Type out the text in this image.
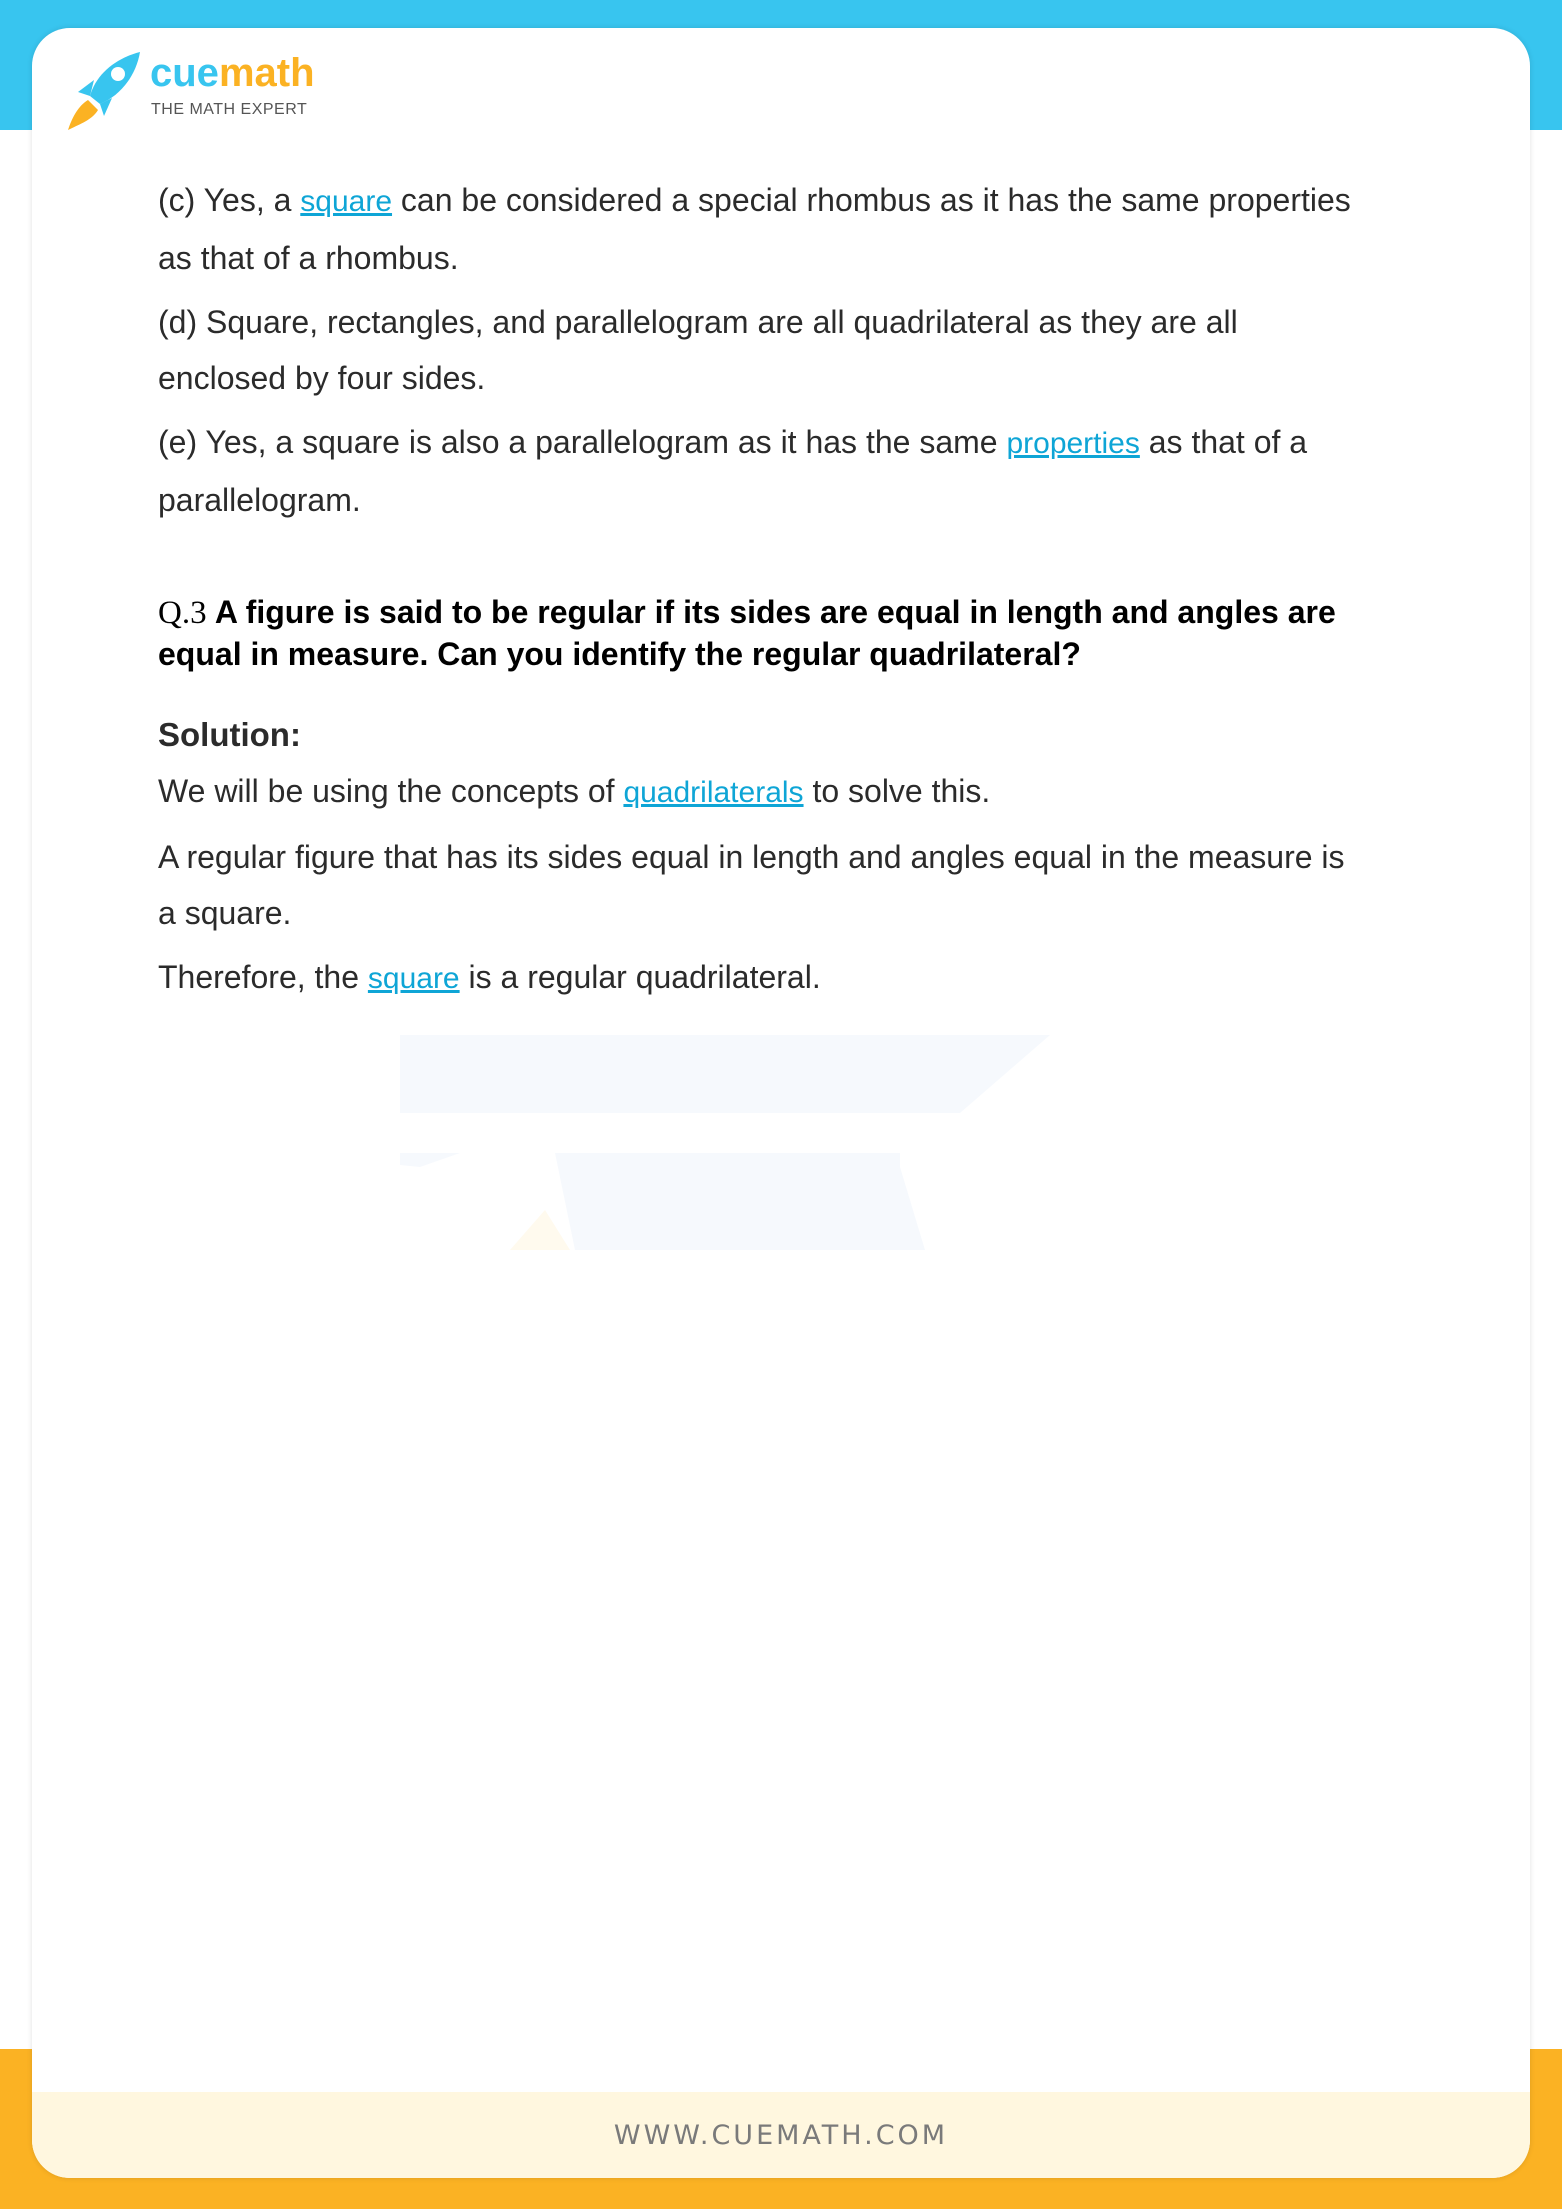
WWW.CUEMATH.COM
cuemath
THE MATH EXPERT

(c) Yes, a square can be considered a special rhombus as it has the same properties as that of a rhombus.

(d) Square, rectangles, and parallelogram are all quadrilateral as they are all enclosed by four sides.

(e) Yes, a square is also a parallelogram as it has the same properties as that of a parallelogram.

Q.3 A figure is said to be regular if its sides are equal in length and angles are equal in measure. Can you identify the regular quadrilateral?
Solution:

We will be using the concepts of quadrilaterals to solve this.

A regular figure that has its sides equal in length and angles equal in the measure is a square.

Therefore, the square is a regular quadrilateral.
